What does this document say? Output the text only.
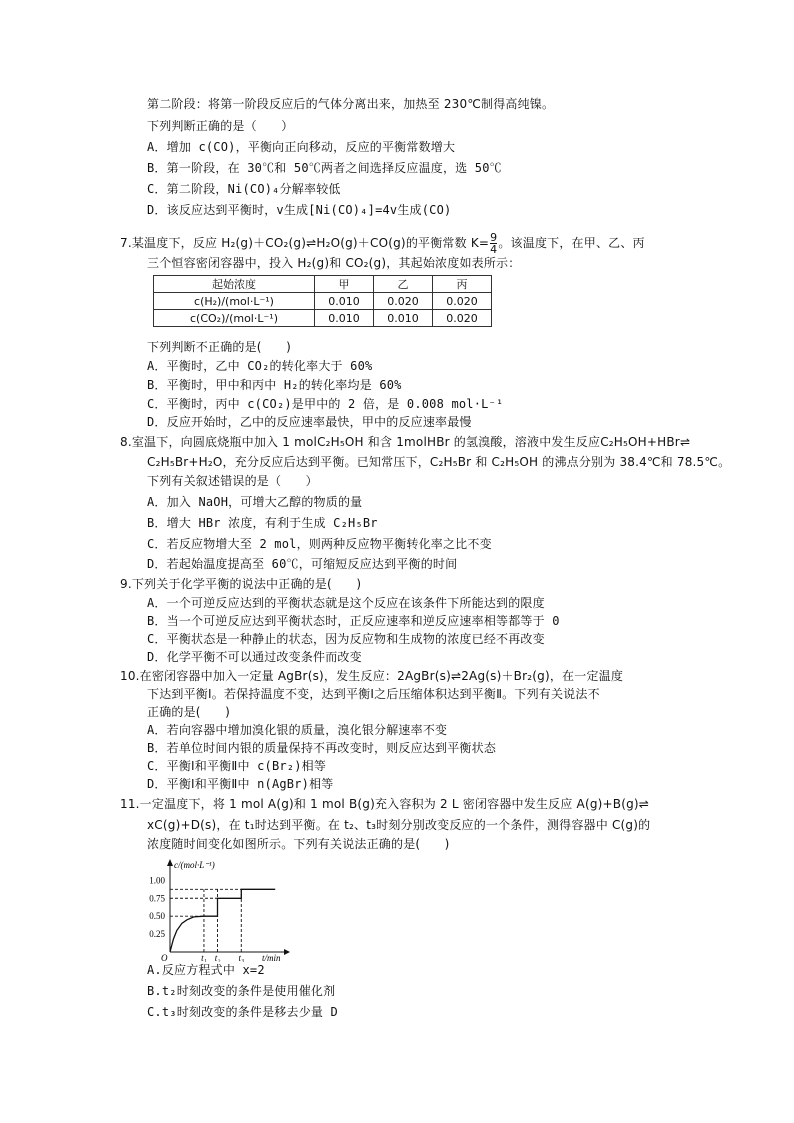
第二阶段：将第一阶段反应后的气体分离出来，加热至 230℃制得高纯镍。
下列判断正确的是（　　）
A．增加 c(CO)，平衡向正向移动，反应的平衡常数增大
B．第一阶段，在 30℃和 50℃两者之间选择反应温度，选 50℃
C．第二阶段，Ni(CO)₄分解率较低
D．该反应达到平衡时，v生成[Ni(CO)₄]=4v生成(CO)
7.某温度下，反应 H₂(g)＋CO₂(g)⇌H₂O(g)＋CO(g)的平衡常数 $K= \frac{9}{4}$ 。该温度下，在甲、乙、丙
三个恒容密闭容器中，投入 H₂(g)和 CO₂(g)，其起始浓度如表所示：
起始浓度	甲	乙	丙
c(H₂)/(mol·L⁻¹)	0.010	0.020	0.020
c(CO₂)/(mol·L⁻¹)	0.010	0.010	0.020
下列判断不正确的是(　　)
A．平衡时，乙中 CO₂的转化率大于 60%
B．平衡时，甲中和丙中 H₂的转化率均是 60%
C．平衡时，丙中 c(CO₂)是甲中的 2 倍，是 0.008 mol·L⁻¹
D．反应开始时，乙中的反应速率最快，甲中的反应速率最慢
8.室温下，向圆底烧瓶中加入 1 molC₂H₅OH 和含 1molHBr 的氢溴酸，溶液中发生反应C₂H₅OH+HBr⇌
C₂H₅Br+H₂O，充分反应后达到平衡。已知常压下，C₂H₅Br 和 C₂H₅OH 的沸点分别为 38.4℃和 78.5℃。
下列有关叙述错误的是（　　）
A．加入 NaOH，可增大乙醇的物质的量
B．增大 HBr 浓度，有利于生成 C₂H₅Br
C．若反应物增大至 2 mol，则两种反应物平衡转化率之比不变
D．若起始温度提高至 60℃，可缩短反应达到平衡的时间
9.下列关于化学平衡的说法中正确的是(　　)
A．一个可逆反应达到的平衡状态就是这个反应在该条件下所能达到的限度
B．当一个可逆反应达到平衡状态时，正反应速率和逆反应速率相等都等于 0
C．平衡状态是一种静止的状态，因为反应物和生成物的浓度已经不再改变
D．化学平衡不可以通过改变条件而改变
10.在密闭容器中加入一定量 AgBr(s)，发生反应：2AgBr(s)⇌2Ag(s)＋Br₂(g)，在一定温度
下达到平衡Ⅰ。若保持温度不变，达到平衡Ⅰ之后压缩体积达到平衡Ⅱ。下列有关说法不
正确的是(　　)
A．若向容器中增加溴化银的质量，溴化银分解速率不变
B．若单位时间内银的质量保持不再改变时，则反应达到平衡状态
C．平衡Ⅰ和平衡Ⅱ中 c(Br₂)相等
D．平衡Ⅰ和平衡Ⅱ中 n(AgBr)相等
11.一定温度下，将 1 mol A(g)和 1 mol B(g)充入容积为 2 L 密闭容器中发生反应 A(g)+B(g)⇌
xC(g)+D(s)，在 t₁时达到平衡。在 t₂、t₃时刻分别改变反应的一个条件，测得容器中 C(g)的
浓度随时间变化如图所示。下列有关说法正确的是(　　)
c/(mol·L⁻¹)
t/min
O
0.25
0.50
0.75
1.00
t₁ t₂ t₃
A.反应方程式中 x=2
B.t₂时刻改变的条件是使用催化剂
C.t₃时刻改变的条件是移去少量 D
